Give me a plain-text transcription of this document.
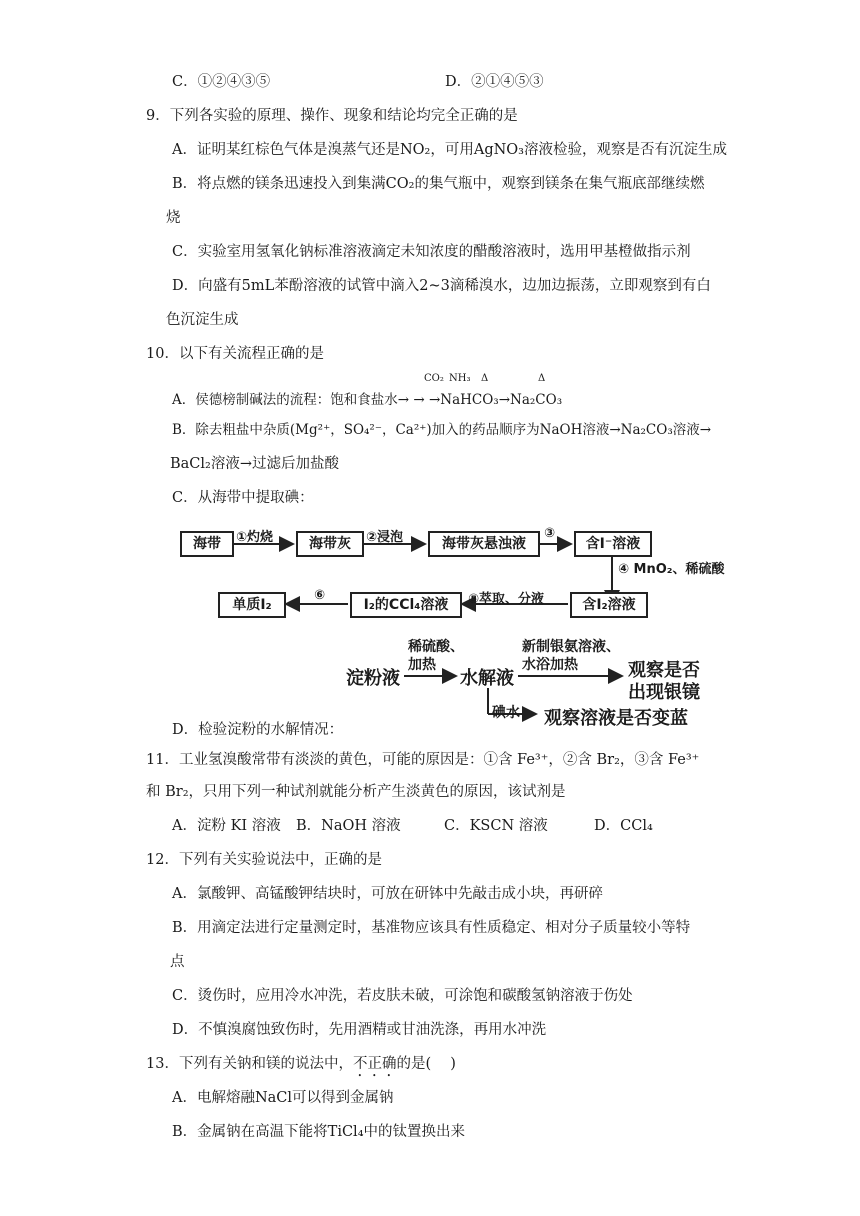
C．①②④③⑤	D．②①④⑤③
9．下列各实验的原理、操作、现象和结论均完全正确的是
A．证明某红棕色气体是溴蒸气还是NO₂，可用AgNO₃溶液检验，观察是否有沉淀生成
B．将点燃的镁条迅速投入到集满CO₂的集气瓶中，观察到镁条在集气瓶底部继续燃
烧
C．实验室用氢氧化钠标准溶液滴定未知浓度的醋酸溶液时，选用甲基橙做指示剂
D．向盛有5mL苯酚溶液的试管中滴入2~3滴稀溴水，边加边振荡，立即观察到有白
色沉淀生成
10．以下有关流程正确的是
CO₂ NH₃ Δ	Δ
A．侯德榜制碱法的流程：饱和食盐水→ → →NaHCO₃→Na₂CO₃
B．除去粗盐中杂质(Mg²⁺，SO₄²⁻，Ca²⁺)加入的药品顺序为NaOH溶液→Na₂CO₃溶液→
BaCl₂溶液→过滤后加盐酸
C．从海带中提取碘：
海带	①灼烧	海带灰	②浸泡	海带灰悬浊液
③
含I⁻溶液
④ MnO₂、稀硫酸
含I₂溶液
⑤萃取、分液
I₂的CCl₄溶液
⑥
单质I₂
淀粉液
稀硫酸、
加热
水解液
新制银氨溶液、
水浴加热	观察是否
出现银镜
碘水 观察溶液是否变蓝
D．检验淀粉的水解情况：
11．工业氢溴酸常带有淡淡的黄色，可能的原因是：①含 Fe³⁺，②含 Br₂，③含 Fe³⁺
和 Br₂，只用下列一种试剂就能分析产生淡黄色的原因，该试剂是
A．淀粉 KI 溶液 B．NaOH 溶液	C．KSCN 溶液	D．CCl₄
12．下列有关实验说法中，正确的是
A．氯酸钾、高锰酸钾结块时，可放在研钵中先敲击成小块，再研碎
B．用滴定法进行定量测定时，基准物应该具有性质稳定、相对分子质量较小等特
点
C．烫伤时，应用冷水冲洗，若皮肤未破，可涂饱和碳酸氢钠溶液于伤处
D．不慎溴腐蚀致伤时，先用酒精或甘油洗涤，再用水冲洗
13．下列有关钠和镁的说法中，不正确的是(　 )
A．电解熔融NaCl可以得到金属钠
B．金属钠在高温下能将TiCl₄中的钛置换出来
